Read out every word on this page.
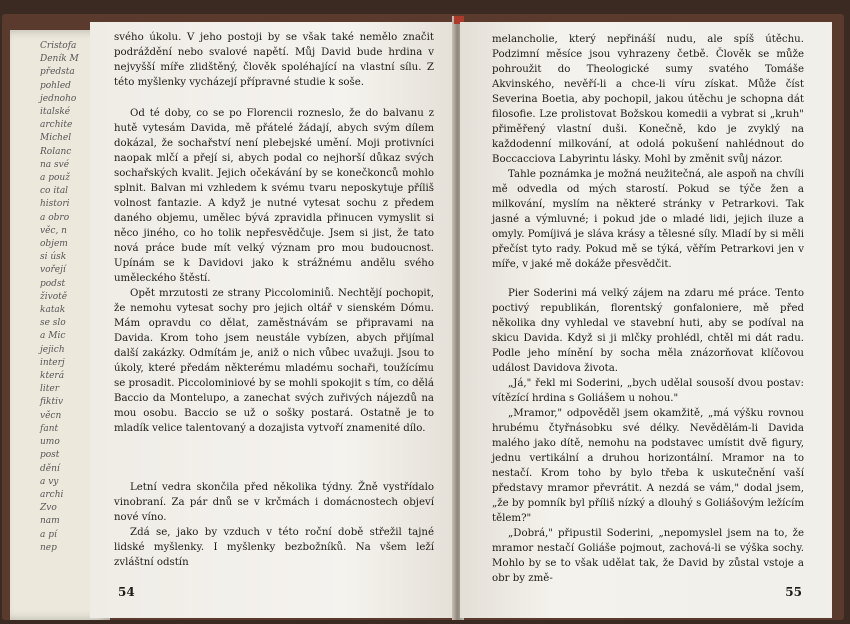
Cristofa
Deník M
předsta
pohled
jednoho
italské
archite
Michel
Rolanc
na své
a použ
co ital
histori
a obro
věc, n
objem
si úsk
vořejí
podst
životě
katak
se slo
a Mic
jejich
interj
která
liter
fiktiv
věcn
fant
umo
post
dění
a vy
archi
Zvo
nam
a pí
nep

svého úkolu. V jeho postoji by se však také nemělo značit podráždění nebo svalové napětí. Můj David bude hrdina v nejvyšší míře zlidštěný, člověk spoléhající na vlastní sílu. Z této myšlenky vycházejí přípravné studie k soše.

Od té doby, co se po Florencii rozneslo, že do balvanu z hutě vytesám Davida, mě přátelé žádají, abych svým dílem dokázal, že sochařství není plebejské umění. Moji protivníci naopak mlčí a přejí si, abych podal co nejhorší důkaz svých sochařských kvalit. Jejich očekávání by se konečkonců mohlo splnit. Balvan mi vzhledem k svému tvaru neposkytuje příliš volnost fantazie. A když je nutné vytesat sochu z předem daného objemu, umělec bývá zpravidla přinucen vymyslit si něco jiného, co ho tolik nepřesvědčuje. Jsem si jist, že tato nová práce bude mít velký význam pro mou budoucnost. Upínám se k Davidovi jako k strážnému andělu svého uměleckého štěstí.

Opět mrzutosti ze strany Piccolominiů. Nechtějí pochopit, že nemohu vytesat sochy pro jejich oltář v sienském Dómu. Mám opravdu co dělat, zaměstnávám se připravami na Davida. Krom toho jsem neustále vybízen, abych přijímal další zakázky. Odmítám je, aniž o nich vůbec uvažuji. Jsou to úkoly, které předám některému mladému sochaři, toužícímu se prosadit. Piccolominiové by se mohli spokojit s tím, co dělá Baccio da Montelupo, a zanechat svých zuřivých nájezdů na mou osobu. Baccio se už o sošky postará. Ostatně je to mladík velice talentovaný a dozajista vytvoří znamenité dílo.

Letní vedra skončila před několika týdny. Žně vystřídalo vinobraní. Za pár dnů se v krčmách i domácnostech objeví nové víno.

Zdá se, jako by vzduch v této roční době střežil tajné lidské myšlenky. I myšlenky bezbožníků. Na všem leží zvláštní odstín

54

melancholie, který nepřináší nudu, ale spíš útěchu. Podzimní měsíce jsou vyhrazeny četbě. Člověk se může pohroužit do Theologické sumy svatého Tomáše Akvinského, nevěří-li a chce-li víru získat. Může číst Severina Boetia, aby pochopil, jakou útěchu je schopna dát filosofie. Lze prolistovat Božskou komedii a vybrat si „kruh" přiměřený vlastní duši. Konečně, kdo je zvyklý na každodenní milkování, at odolá pokušení nahlédnout do Boccacciova Labyrintu lásky. Mohl by změnit svůj názor.

Tahle poznámka je možná neužitečná, ale aspoň na chvíli mě odvedla od mých starostí. Pokud se týče žen a milkování, myslím na některé stránky v Petrarkovi. Tak jasné a výmluvné; i pokud jde o mladé lidi, jejich iluze a omyly. Pomíjivá je sláva krásy a tělesné síly. Mladí by si měli přečíst tyto rady. Pokud mě se týká, věřím Petrarkovi jen v míře, v jaké mě dokáže přesvědčit.

Pier Soderini má velký zájem na zdaru mé práce. Tento poctivý republikán, florentský gonfaloniere, mě před několika dny vyhledal ve stavební huti, aby se podíval na skicu Davida. Když si ji mlčky prohlédl, chtěl mi dát radu. Podle jeho mínění by socha měla znázorňovat klíčovou událost Davidova života.

„Já," řekl mi Soderini, „bych udělal sousoší dvou postav: vítězící hrdina s Goliášem u nohou."

„Mramor," odpověděl jsem okamžitě, „má výšku rovnou hrubému čtyřnásobku své délky. Nevědělám-li Davida malého jako dítě, nemohu na podstavec umístit dvě figury, jednu vertikální a druhou horizontální. Mramor na to nestačí. Krom toho by bylo třeba k uskutečnění vaší představy mramor převrátit. A nezdá se vám," dodal jsem, „že by pomník byl příliš nízký a dlouhý s Goliášovým ležícím tělem?"

„Dobrá," připustil Soderini, „nepomyslel jsem na to, že mramor nestačí Goliáše pojmout, zachová-li se výška sochy. Mohlo by se to však udělat tak, že David by zůstal vstoje a obr by změ-

55
